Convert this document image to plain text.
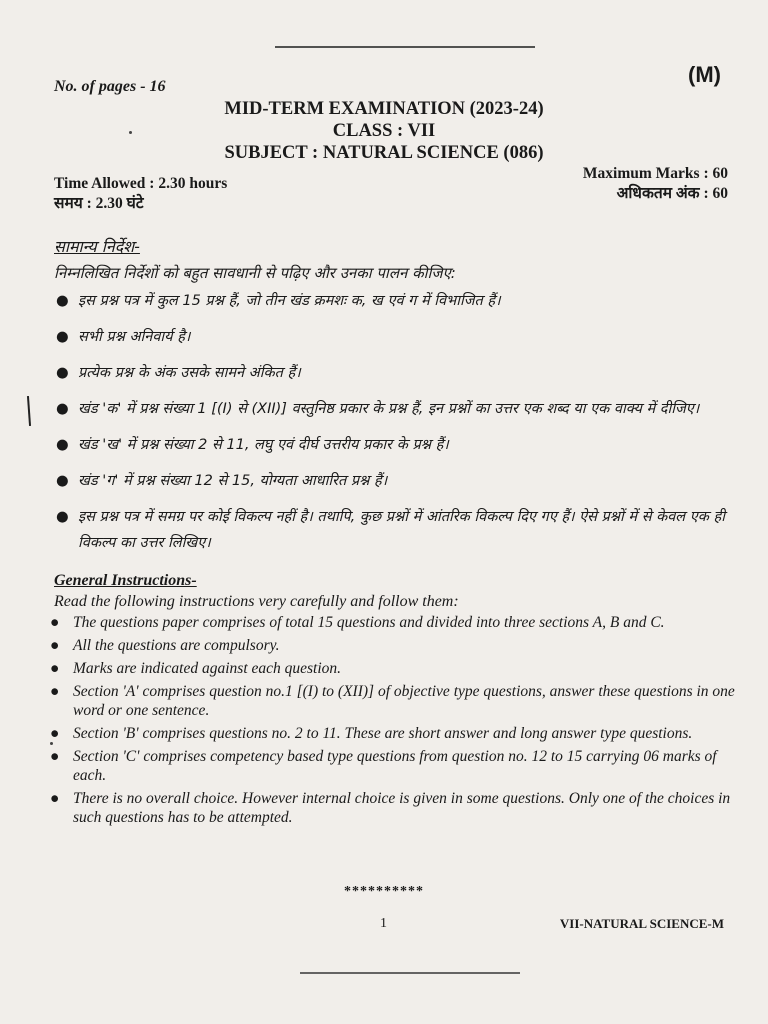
No. of pages - 16	(M)
MID-TERM EXAMINATION (2023-24)
CLASS : VII
SUBJECT : NATURAL SCIENCE (086)
Time Allowed : 2.30 hours
समय : 2.30 घंटे
Maximum Marks : 60
अधिकतम अंक : 60
सामान्य निर्देश-
निम्नलिखित निर्देशों को बहुत सावधानी से पढ़िए और उनका पालन कीजिए:
● इस प्रश्न पत्र में कुल 15 प्रश्न हैं, जो तीन खंड क्रमशः क, ख एवं ग में विभाजित हैं।
● सभी प्रश्न अनिवार्य है।
● प्रत्येक प्रश्न के अंक उसके सामने अंकित हैं।
● खंड 'क' में प्रश्न संख्या 1 [(I) से (XII)] वस्तुनिष्ठ प्रकार के प्रश्न हैं, इन प्रश्नों का उत्तर एक शब्द या एक वाक्य में दीजिए।
● खंड 'ख' में प्रश्न संख्या 2 से 11, लघु एवं दीर्घ उत्तरीय प्रकार के प्रश्न हैं।
● खंड 'ग' में प्रश्न संख्या 12 से 15, योग्यता आधारित प्रश्न हैं।
● इस प्रश्न पत्र में समग्र पर कोई विकल्प नहीं है। तथापि, कुछ प्रश्नों में आंतरिक विकल्प दिए गए हैं। ऐसे प्रश्नों में से केवल एक ही विकल्प का उत्तर लिखिए।
General Instructions-
Read the following instructions very carefully and follow them:
● The questions paper comprises of total 15 questions and divided into three sections A, B and C.
● All the questions are compulsory.
● Marks are indicated against each question.
● Section 'A' comprises question no.1 [(I) to (XII)] of objective type questions, answer these questions in one word or one sentence.
● Section 'B' comprises questions no. 2 to 11. These are short answer and long answer type questions.
● Section 'C' comprises competency based type questions from question no. 12 to 15 carrying 06 marks of each.
● There is no overall choice. However internal choice is given in some questions. Only one of the choices in such questions has to be attempted.
**********
1	VII-NATURAL SCIENCE-M
